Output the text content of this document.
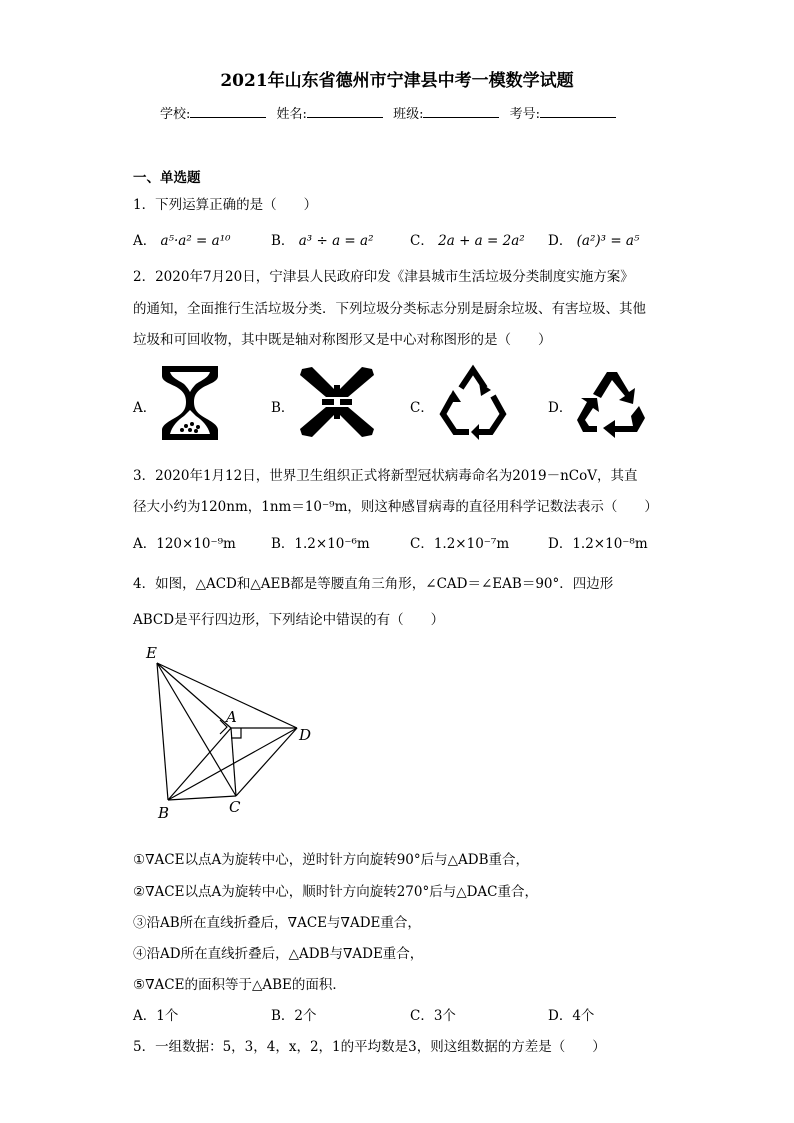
2021年山东省德州市宁津县中考一模数学试题
学校:	姓名:	班级:	考号:
一、单选题
1．下列运算正确的是（　　）
A． a⁵·a² = a¹⁰	B． a³ ÷ a = a²	C． 2a + a = 2a² D． (a²)³ = a⁵
2．2020年7月20日，宁津县人民政府印发《津县城市生活垃圾分类制度实施方案》
的通知，全面推行生活垃圾分类．下列垃圾分类标志分别是厨余垃圾、有害垃圾、其他
垃圾和可回收物，其中既是轴对称图形又是中心对称图形的是（　　）
A．	B．	C．	D．
3．2020年1月12日，世界卫生组织正式将新型冠状病毒命名为2019－nCoV，其直
径大小约为120nm，1nm＝10⁻⁹m，则这种感冒病毒的直径用科学记数法表示（　　）
A．120×10⁻⁹m	B．1.2×10⁻⁶m	C．1.2×10⁻⁷m	D．1.2×10⁻⁸m
4．如图，△ACD和△AEB都是等腰直角三角形，∠CAD＝∠EAB＝90°．四边形
ABCD是平行四边形，下列结论中错误的有（　　）
E
A
D
B	C
①∇ACE以点A为旋转中心，逆时针方向旋转90°后与△ADB重合，
②∇ACE以点A为旋转中心，顺时针方向旋转270°后与△DAC重合，
③沿AB所在直线折叠后，∇ACE与∇ADE重合，
④沿AD所在直线折叠后，△ADB与∇ADE重合，
⑤∇ACE的面积等于△ABE的面积．
A．1个	B．2个	C．3个	D．4个
5．一组数据：5，3，4，x，2，1的平均数是3，则这组数据的方差是（　　）
